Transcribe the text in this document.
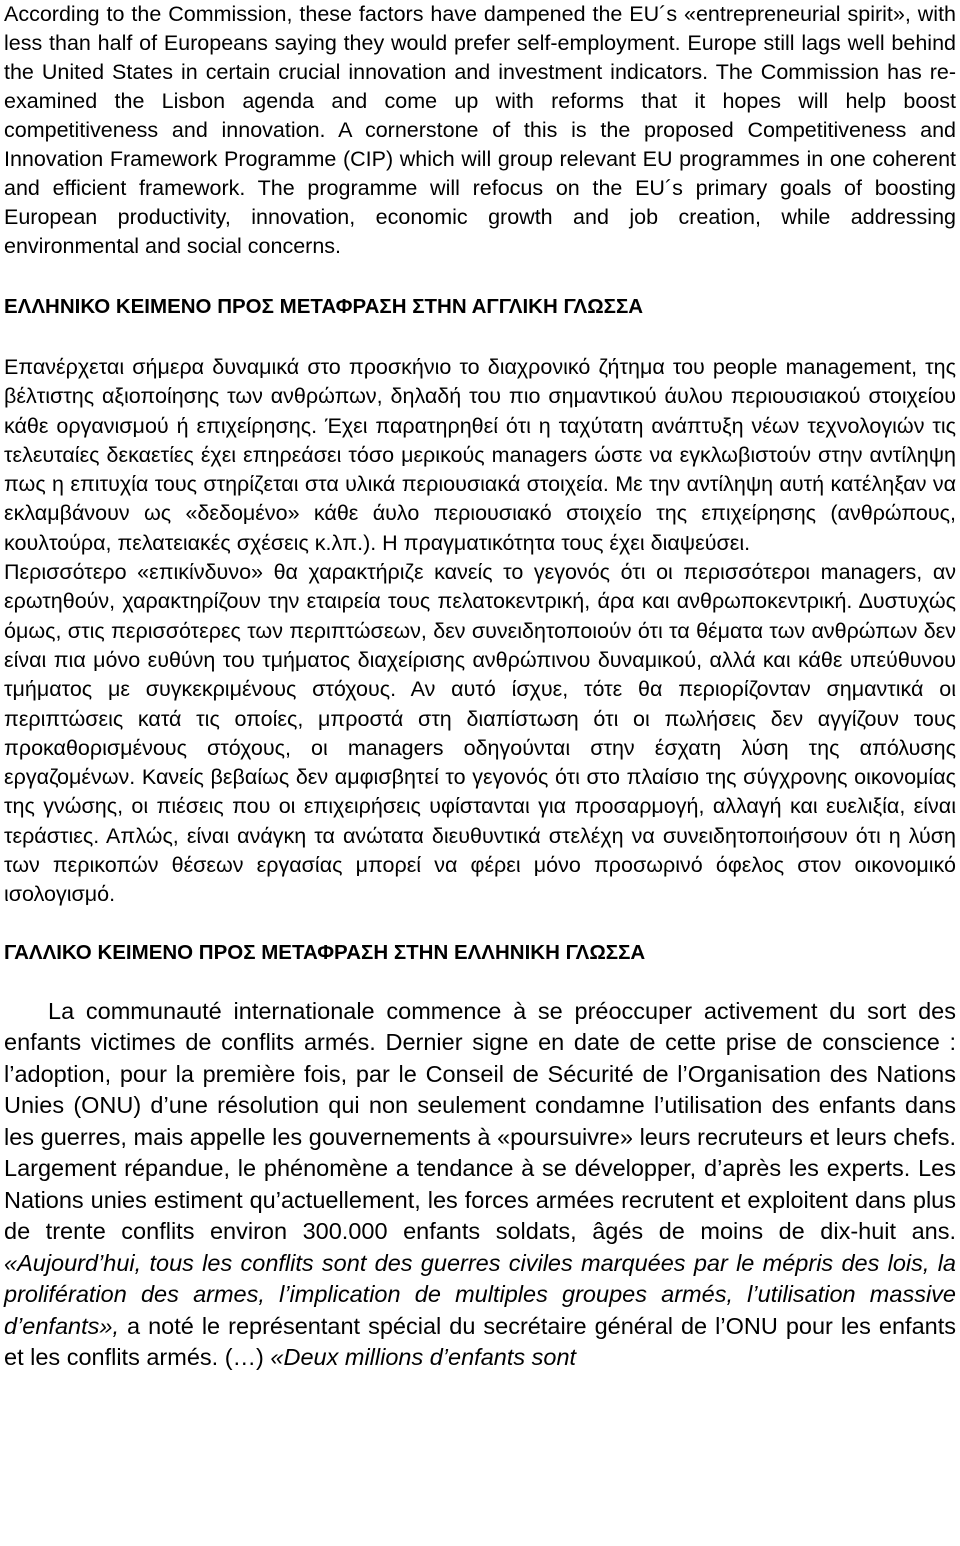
According to the Commission, these factors have dampened the EU´s «entrepreneurial spirit», with less than half of Europeans saying they would prefer self-employment. Europe still lags well behind the United States in certain crucial innovation and investment indicators. The Commission has re-examined the Lisbon agenda and come up with reforms that it hopes will help boost competitiveness and innovation. A cornerstone of this is the proposed Competitiveness and Innovation Framework Programme (CIP) which will group relevant EU programmes in one coherent and efficient framework. The programme will refocus on the EU´s primary goals of boosting European productivity, innovation, economic growth and job creation, while addressing environmental and social concerns.

ΕΛΛΗΝΙΚΟ ΚΕΙΜΕΝΟ ΠΡΟΣ ΜΕΤΑΦΡΑΣΗ ΣΤΗΝ ΑΓΓΛΙΚΗ ΓΛΩΣΣΑ

Επανέρχεται σήμερα δυναμικά στο προσκήνιο το διαχρονικό ζήτημα του people management, της βέλτιστης αξιοποίησης των ανθρώπων, δηλαδή του πιο σημαντικού άυλου περιουσιακού στοιχείου κάθε οργανισμού ή επιχείρησης. Έχει παρατηρηθεί ότι η ταχύτατη ανάπτυξη νέων τεχνολογιών τις τελευταίες δεκαετίες έχει επηρεάσει τόσο μερικούς managers ώστε να εγκλωβιστούν στην αντίληψη πως η επιτυχία τους στηρίζεται στα υλικά περιουσιακά στοιχεία. Με την αντίληψη αυτή κατέληξαν να εκλαμβάνουν ως «δεδομένο» κάθε άυλο περιουσιακό στοιχείο της επιχείρησης (ανθρώπους, κουλτούρα, πελατειακές σχέσεις κ.λπ.). Η πραγματικότητα τους έχει διαψεύσει.

Περισσότερο «επικίνδυνο» θα χαρακτήριζε κανείς το γεγονός ότι οι περισσότεροι managers, αν ερωτηθούν, χαρακτηρίζουν την εταιρεία τους πελατοκεντρική, άρα και ανθρωποκεντρική. Δυστυχώς όμως, στις περισσότερες των περιπτώσεων, δεν συνειδητοποιούν ότι τα θέματα των ανθρώπων δεν είναι πια μόνο ευθύνη του τμήματος διαχείρισης ανθρώπινου δυναμικού, αλλά και κάθε υπεύθυνου τμήματος με συγκεκριμένους στόχους. Αν αυτό ίσχυε, τότε θα περιορίζονταν σημαντικά οι περιπτώσεις κατά τις οποίες, μπροστά στη διαπίστωση ότι οι πωλήσεις δεν αγγίζουν τους προκαθορισμένους στόχους, οι managers οδηγούνται στην έσχατη λύση της απόλυσης εργαζομένων. Κανείς βεβαίως δεν αμφισβητεί το γεγονός ότι στο πλαίσιο της σύγχρονης οικονομίας της γνώσης, οι πιέσεις που οι επιχειρήσεις υφίστανται για προσαρμογή, αλλαγή και ευελιξία, είναι τεράστιες. Απλώς, είναι ανάγκη τα ανώτατα διευθυντικά στελέχη να συνειδητοποιήσουν ότι η λύση των περικοπών θέσεων εργασίας μπορεί να φέρει μόνο προσωρινό όφελος στον οικονομικό ισολογισμό.

ΓΑΛΛΙΚΟ ΚΕΙΜΕΝΟ ΠΡΟΣ ΜΕΤΑΦΡΑΣΗ ΣΤΗΝ ΕΛΛΗΝΙΚΗ ΓΛΩΣΣΑ

La communauté internationale commence à se préoccuper activement du sort des enfants victimes de conflits armés. Dernier signe en date de cette prise de conscience : l’adoption, pour la première fois, par le Conseil de Sécurité de l’Organisation des Nations Unies (ONU) d’une résolution qui non seulement condamne l’utilisation des enfants dans les guerres, mais appelle les gouvernements à «poursuivre» leurs recruteurs et leurs chefs. Largement répandue, le phénomène a tendance à se développer, d’après les experts. Les Nations unies estiment qu’actuellement, les forces armées recrutent et exploitent dans plus de trente conflits environ 300.000 enfants soldats, âgés de moins de dix-huit ans. «Aujourd’hui, tous les conflits sont des guerres civiles marquées par le mépris des lois, la prolifération des armes, l’implication de multiples groupes armés, l’utilisation massive d’enfants», a noté le représentant spécial du secrétaire général de l’ONU pour les enfants et les conflits armés. (…) «Deux millions d’enfants sont
